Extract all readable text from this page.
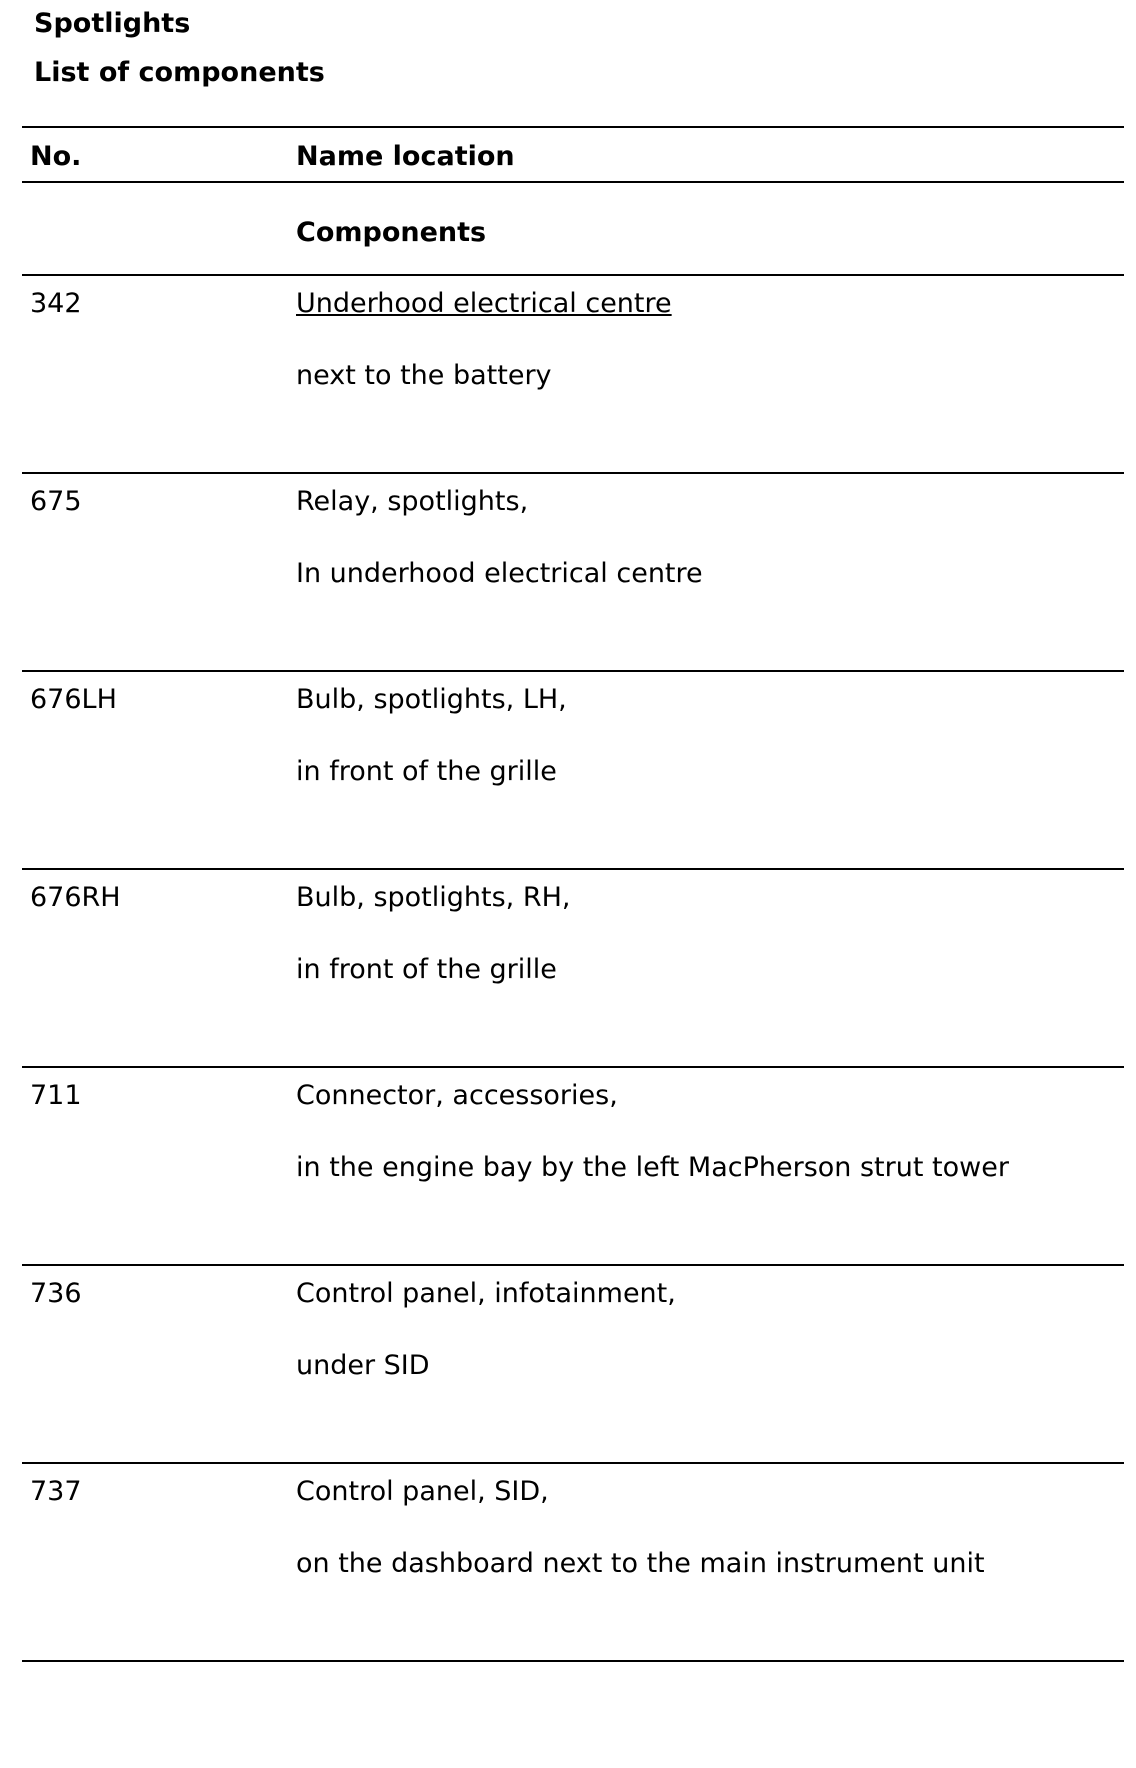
Spotlights
List of components
No.	Name location
Components
342	Underhood electrical centre
next to the battery
675	Relay, spotlights,
In underhood electrical centre
676LH	Bulb, spotlights, LH,
in front of the grille
676RH	Bulb, spotlights, RH,
in front of the grille
711	Connector, accessories,
in the engine bay by the left MacPherson strut tower
736	Control panel, infotainment,
under SID
737	Control panel, SID,
on the dashboard next to the main instrument unit
